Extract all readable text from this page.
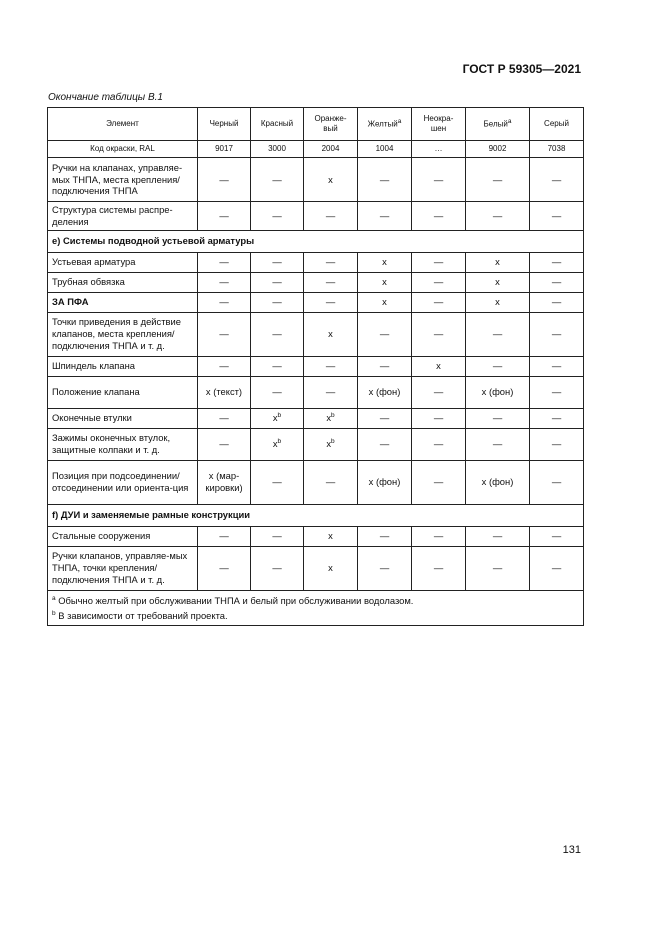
ГОСТ Р 59305—2021
Окончание таблицы В.1
Элемент	Черный	Красный	Оранже-вый	Желтый$^a$	Неокра-шен	Белый$^a$	Серый
Код окраски, RAL	9017	3000	2004	1004	…	9002	7038
Ручки на клапанах, управляе-мых ТНПА, места крепления/ подключения ТНПА	—	—	х	—	—	—	—
Структура системы распре-деления	—	—	—	—	—	—	—
е) Системы подводной устьевой арматуры							
Устьевая арматура	—	—	—	х	—	х	—
Трубная обвязка	—	—	—	х	—	х	—
ЗА ПФА	—	—	—	х	—	х	—
Точки приведения в действие клапанов, места крепления/ подключения ТНПА и т. д.	—	—	х	—	—	—	—
Шпиндель клапана	—	—	—	—	х	—	—
Положение клапана	х (текст)	—	—	х (фон)	—	х (фон)	—
Оконечные втулки	—	$х^b$	$х^b$	—	—	—	—
Зажимы оконечных втулок, защитные колпаки и т. д.	—	$х^b$	$х^b$	—	—	—	—
Позиция при подсоединении/ отсоединении или ориента-ция	х (мар-кировки)	—	—	х (фон)	—	х (фон)	—
f) ДУИ и заменяемые рамные конструкции							
Стальные сооружения	—	—	х	—	—	—	—
Ручки клапанов, управляе-мых ТНПА, точки крепления/ подключения ТНПА и т. д.	—	—	х	—	—	—	—

$^a$ Обычно желтый при обслуживании ТНПА и белый при обслуживании водолазом.
$^b$ В зависимости от требований проекта.							
131
